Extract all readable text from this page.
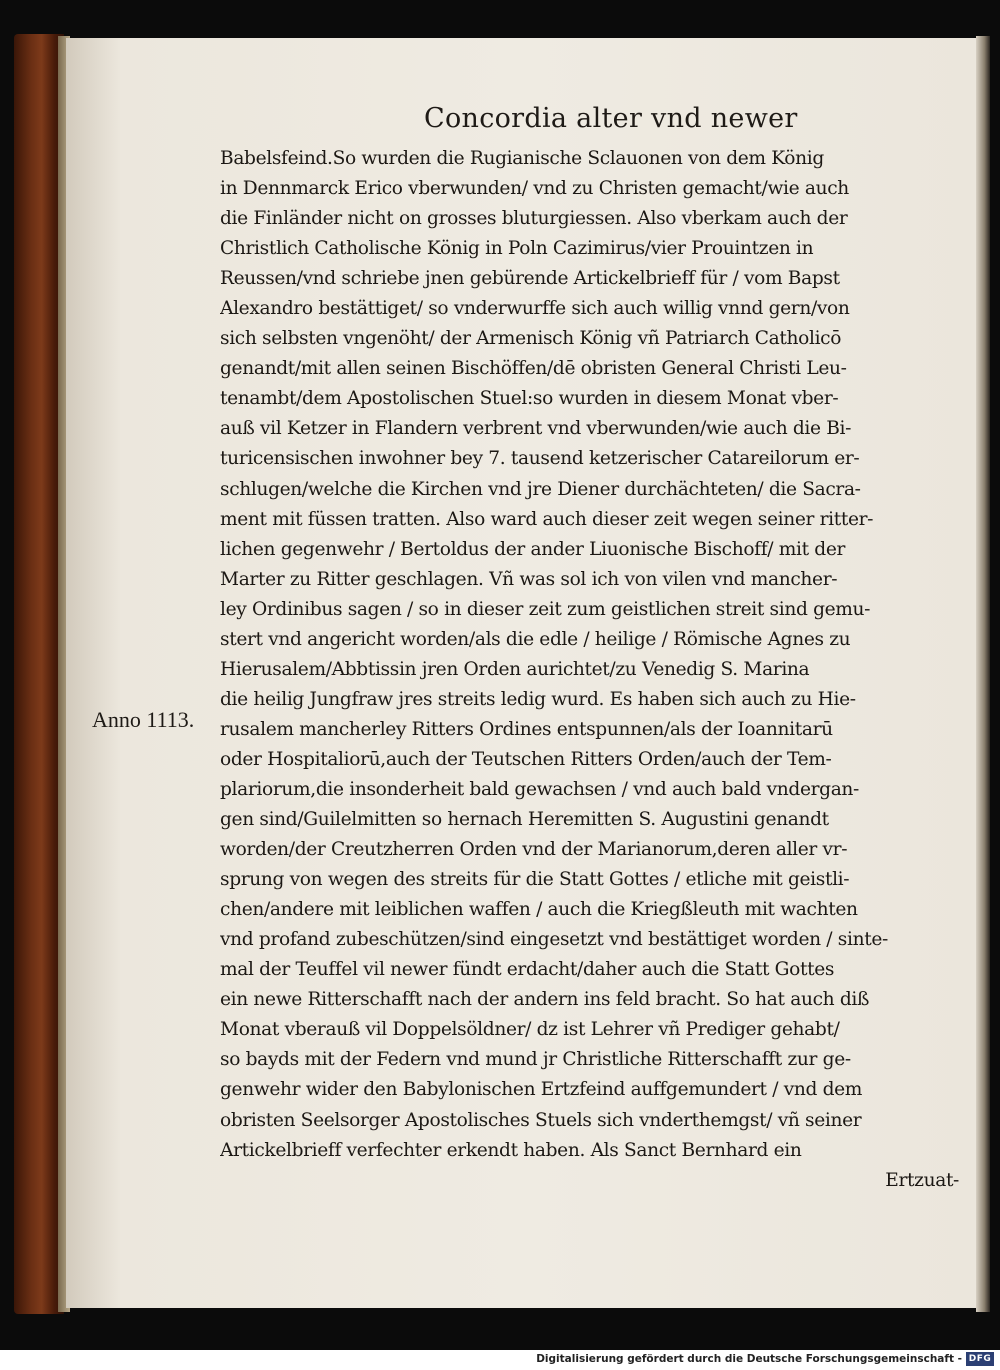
Concordia alter vnd newer
Anno 1113.
Babelsfeind.So wurden die Rugianische Sclauonen von dem König
in Dennmarck Erico vberwunden/ vnd zu Christen gemacht/wie auch
die Finländer nicht on grosses bluturgiessen. Also vberkam auch der
Christlich Catholische König in Poln Cazimirus/vier Prouintzen in
Reussen/vnd schriebe jnen gebürende Artickelbrieff für / vom Bapst
Alexandro bestättiget/ so vnderwurffe sich auch willig vnnd gern/von
sich selbsten vngenöht/ der Armenisch König vñ Patriarch Catholicō
genandt/mit allen seinen Bischöffen/dē obristen General Christi Leu-
tenambt/dem Apostolischen Stuel:so wurden in diesem Monat vber-
auß vil Ketzer in Flandern verbrent vnd vberwunden/wie auch die Bi-
turicensischen inwohner bey 7. tausend ketzerischer Catareilorum er-
schlugen/welche die Kirchen vnd jre Diener durchächteten/ die Sacra-
ment mit füssen tratten. Also ward auch dieser zeit wegen seiner ritter-
lichen gegenwehr / Bertoldus der ander Liuonische Bischoff/ mit der
Marter zu Ritter geschlagen. Vñ was sol ich von vilen vnd mancher-
ley Ordinibus sagen / so in dieser zeit zum geistlichen streit sind gemu-
stert vnd angericht worden/als die edle / heilige / Römische Agnes zu
Hierusalem/Abbtissin jren Orden aurichtet/zu Venedig S. Marina
die heilig Jungfraw jres streits ledig wurd. Es haben sich auch zu Hie-
rusalem mancherley Ritters Ordines entspunnen/als der Ioannitarū
oder Hospitaliorū,auch der Teutschen Ritters Orden/auch der Tem-
plariorum,die insonderheit bald gewachsen / vnd auch bald vndergan-
gen sind/Guilelmitten so hernach Heremitten S. Augustini genandt
worden/der Creutzherren Orden vnd der Marianorum,deren aller vr-
sprung von wegen des streits für die Statt Gottes / etliche mit geistli-
chen/andere mit leiblichen waffen / auch die Kriegßleuth mit wachten
vnd profand zubeschützen/sind eingesetzt vnd bestättiget worden / sinte-
mal der Teuffel vil newer fündt erdacht/daher auch die Statt Gottes
ein newe Ritterschafft nach der andern ins feld bracht. So hat auch diß
Monat vberauß vil Doppelsöldner/ dz ist Lehrer vñ Prediger gehabt/
so bayds mit der Federn vnd mund jr Christliche Ritterschafft zur ge-
genwehr wider den Babylonischen Ertzfeind auffgemundert / vnd dem
obristen Seelsorger Apostolisches Stuels sich vnderthemgst/ vñ seiner
Artickelbrieff verfechter erkendt haben. Als Sanct Bernhard ein
Ertzuat-
Digitalisierung gefördert durch die Deutsche Forschungsgemeinschaft - DFG
